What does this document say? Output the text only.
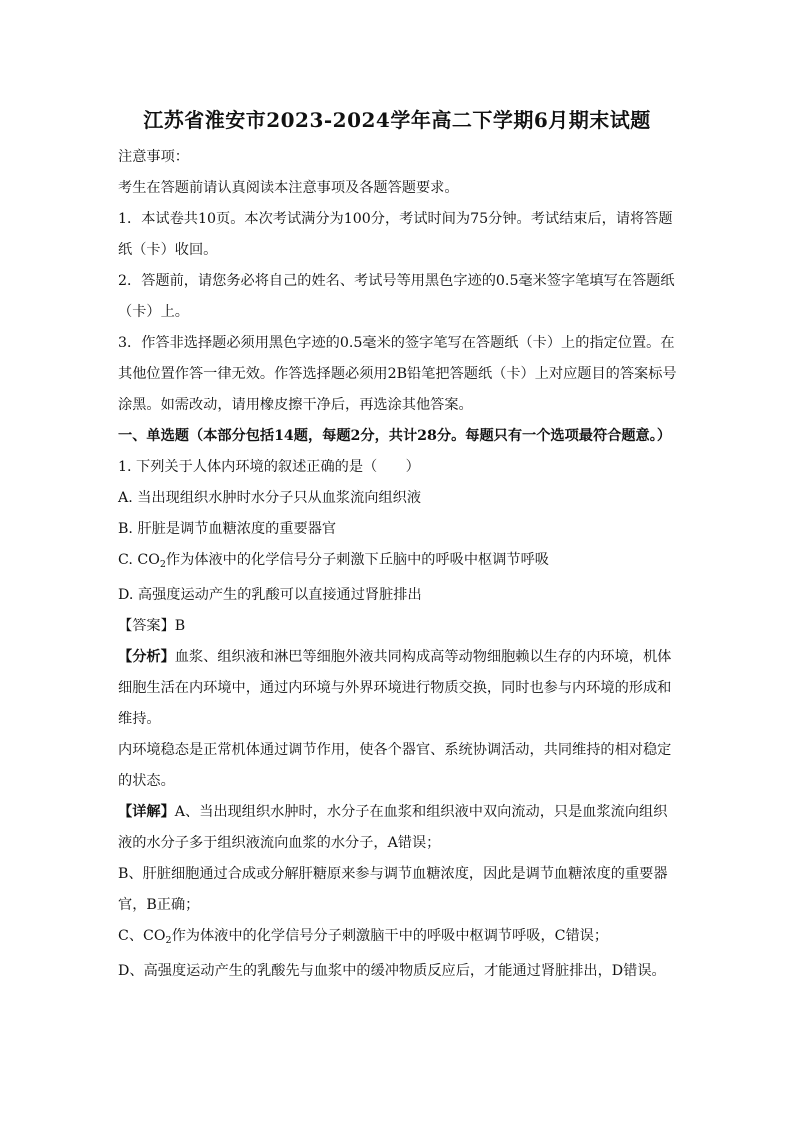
江苏省淮安市2023-2024学年高二下学期6月期末试题

注意事项：

考生在答题前请认真阅读本注意事项及各题答题要求。

1．本试卷共10页。本次考试满分为100分，考试时间为75分钟。考试结束后，请将答题纸（卡）收回。

2．答题前，请您务必将自己的姓名、考试号等用黑色字迹的0.5毫米签字笔填写在答题纸（卡）上。

3．作答非选择题必须用黑色字迹的0.5毫米的签字笔写在答题纸（卡）上的指定位置。在其他位置作答一律无效。作答选择题必须用2B铅笔把答题纸（卡）上对应题目的答案标号涂黑。如需改动，请用橡皮擦干净后，再选涂其他答案。

一、单选题（本部分包括14题，每题2分，共计28分。每题只有一个选项最符合题意。）

1. 下列关于人体内环境的叙述正确的是（　　）

A. 当出现组织水肿时水分子只从血浆流向组织液

B. 肝脏是调节血糖浓度的重要器官

C. $CO_2$作为体液中的化学信号分子刺激下丘脑中的呼吸中枢调节呼吸

D. 高强度运动产生的乳酸可以直接通过肾脏排出

【答案】B

【分析】血浆、组织液和淋巴等细胞外液共同构成高等动物细胞赖以生存的内环境，机体细胞生活在内环境中，通过内环境与外界环境进行物质交换，同时也参与内环境的形成和维持。

内环境稳态是正常机体通过调节作用，使各个器官、系统协调活动，共同维持的相对稳定的状态。

【详解】A、当出现组织水肿时，水分子在血浆和组织液中双向流动，只是血浆流向组织液的水分子多于组织液流向血浆的水分子，A错误；

B、肝脏细胞通过合成或分解肝糖原来参与调节血糖浓度，因此是调节血糖浓度的重要器官，B正确；

C、$CO_2$作为体液中的化学信号分子刺激脑干中的呼吸中枢调节呼吸，C错误；

D、高强度运动产生的乳酸先与血浆中的缓冲物质反应后，才能通过肾脏排出，D错误。
